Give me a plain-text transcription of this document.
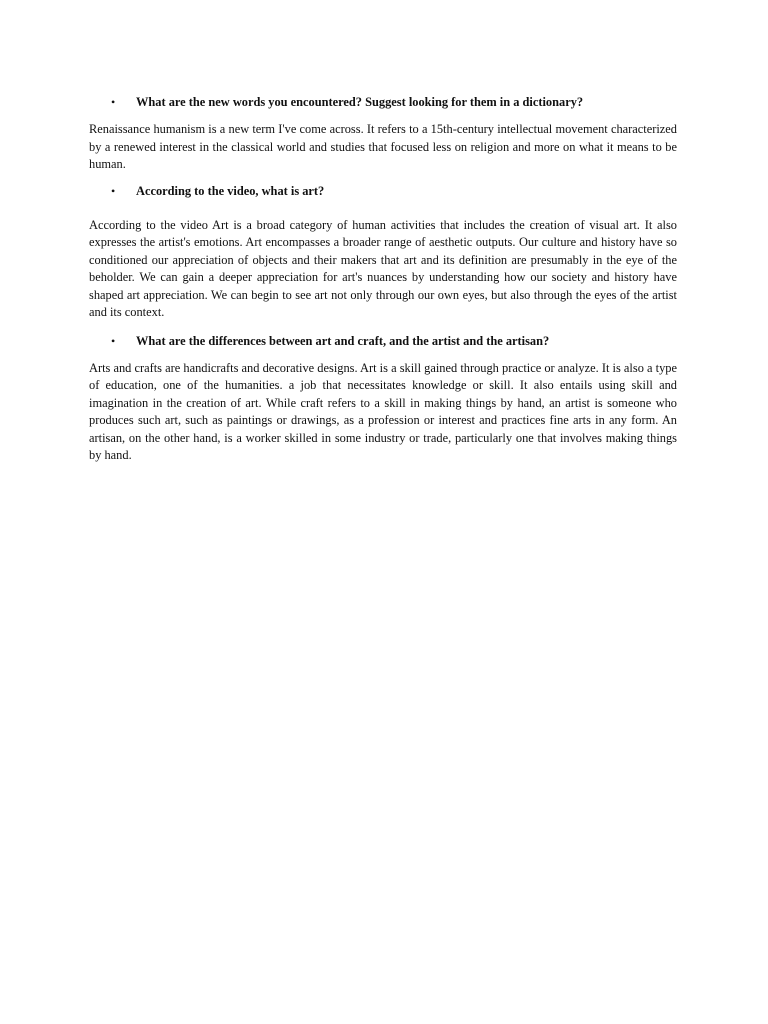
• What are the new words you encountered? Suggest looking for them in a dictionary?

Renaissance humanism is a new term I've come across. It refers to a 15th-century intellectual movement characterized by a renewed interest in the classical world and studies that focused less on religion and more on what it means to be human.

• According to the video, what is art?

According to the video Art is a broad category of human activities that includes the creation of visual art. It also expresses the artist's emotions. Art encompasses a broader range of aesthetic outputs. Our culture and history have so conditioned our appreciation of objects and their makers that art and its definition are presumably in the eye of the beholder. We can gain a deeper appreciation for art's nuances by understanding how our society and history have shaped art appreciation. We can begin to see art not only through our own eyes, but also through the eyes of the artist and its context.

• What are the differences between art and craft, and the artist and the artisan?

Arts and crafts are handicrafts and decorative designs. Art is a skill gained through practice or analyze. It is also a type of education, one of the humanities. a job that necessitates knowledge or skill. It also entails using skill and imagination in the creation of art. While craft refers to a skill in making things by hand, an artist is someone who produces such art, such as paintings or drawings, as a profession or interest and practices fine arts in any form. An artisan, on the other hand, is a worker skilled in some industry or trade, particularly one that involves making things by hand.
